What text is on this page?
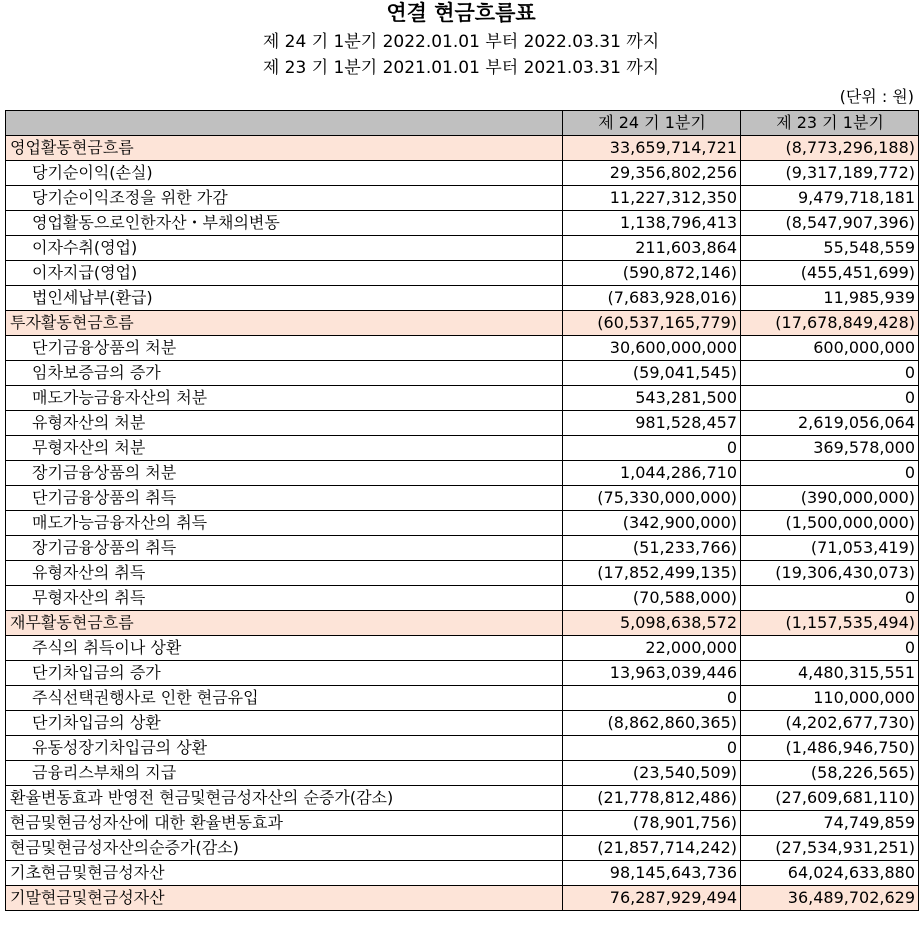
연결 현금흐름표
제 24 기 1분기 2022.01.01 부터 2022.03.31 까지
제 23 기 1분기 2021.01.01 부터 2021.03.31 까지
(단위 : 원)
	제 24 기 1분기	제 23 기 1분기
영업활동현금흐름	33,659,714,721	(8,773,296,188)
당기순이익(손실)	29,356,802,256	(9,317,189,772)
당기순이익조정을 위한 가감	11,227,312,350	9,479,718,181
영업활동으로인한자산・부채의변동	1,138,796,413	(8,547,907,396)
이자수취(영업)	211,603,864	55,548,559
이자지급(영업)	(590,872,146)	(455,451,699)
법인세납부(환급)	(7,683,928,016)	11,985,939
투자활동현금흐름	(60,537,165,779)	(17,678,849,428)
단기금융상품의 처분	30,600,000,000	600,000,000
임차보증금의 증가	(59,041,545)	0
매도가능금융자산의 처분	543,281,500	0
유형자산의 처분	981,528,457	2,619,056,064
무형자산의 처분	0	369,578,000
장기금융상품의 처분	1,044,286,710	0
단기금융상품의 취득	(75,330,000,000)	(390,000,000)
매도가능금융자산의 취득	(342,900,000)	(1,500,000,000)
장기금융상품의 취득	(51,233,766)	(71,053,419)
유형자산의 취득	(17,852,499,135)	(19,306,430,073)
무형자산의 취득	(70,588,000)	0
재무활동현금흐름	5,098,638,572	(1,157,535,494)
주식의 취득이나 상환	22,000,000	0
단기차입금의 증가	13,963,039,446	4,480,315,551
주식선택권행사로 인한 현금유입	0	110,000,000
단기차입금의 상환	(8,862,860,365)	(4,202,677,730)
유동성장기차입금의 상환	0	(1,486,946,750)
금융리스부채의 지급	(23,540,509)	(58,226,565)
환율변동효과 반영전 현금및현금성자산의 순증가(감소)	(21,778,812,486)	(27,609,681,110)
현금및현금성자산에 대한 환율변동효과	(78,901,756)	74,749,859
현금및현금성자산의순증가(감소)	(21,857,714,242)	(27,534,931,251)
기초현금및현금성자산	98,145,643,736	64,024,633,880
기말현금및현금성자산	76,287,929,494	36,489,702,629
